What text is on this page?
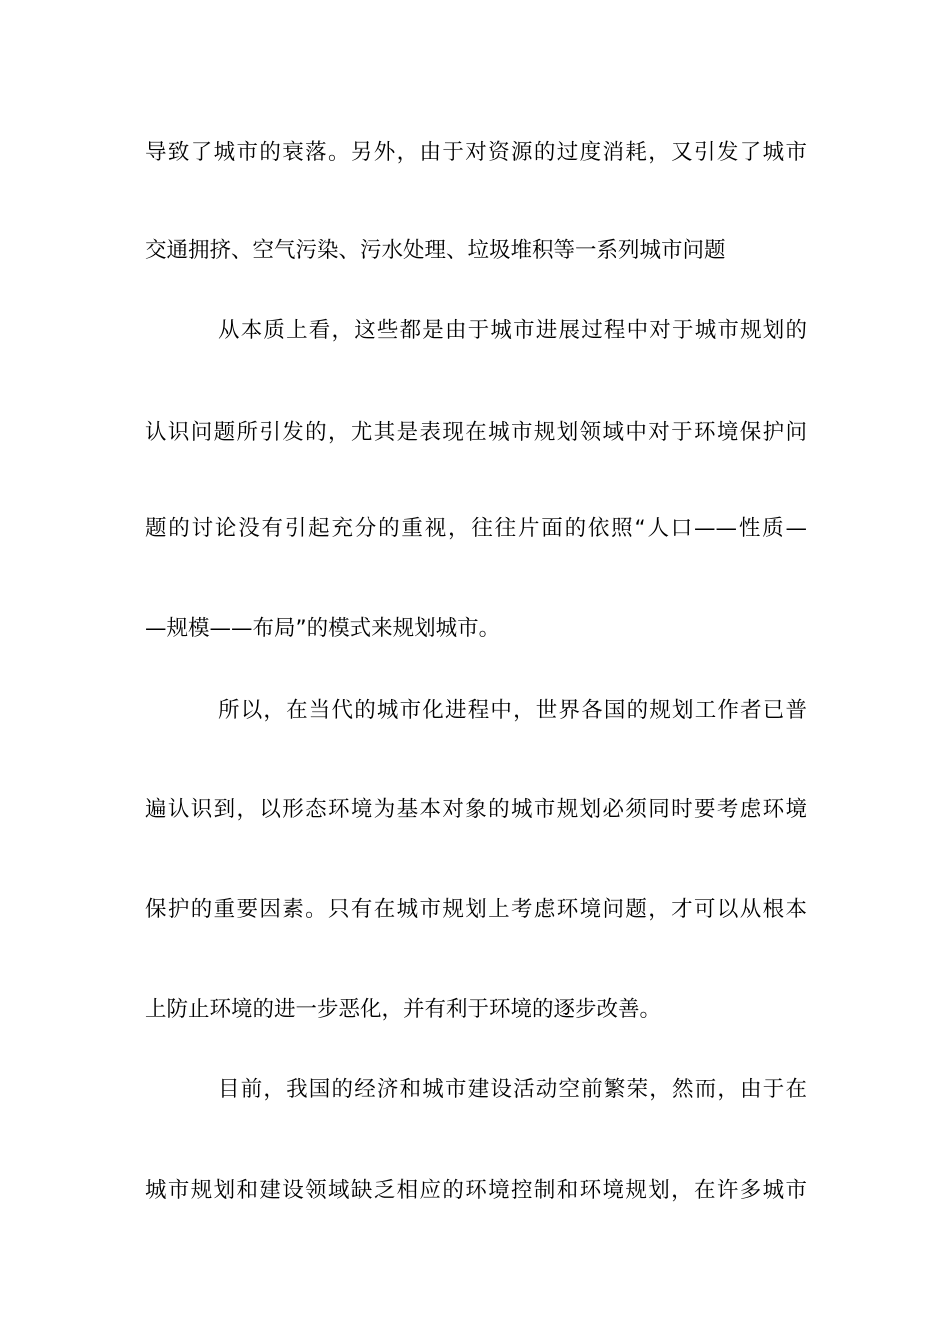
导致了城市的衰落。另外，由于对资源的过度消耗，又引发了城市
交通拥挤、空气污染、污水处理、垃圾堆积等一系列城市问题
从本质上看，这些都是由于城市进展过程中对于城市规划的
认识问题所引发的，尤其是表现在城市规划领域中对于环境保护问
题的讨论没有引起充分的重视，往往片面的依照“人口——性质—
—规模——布局”的模式来规划城市。
所以，在当代的城市化进程中，世界各国的规划工作者已普
遍认识到，以形态环境为基本对象的城市规划必须同时要考虑环境
保护的重要因素。只有在城市规划上考虑环境问题，才可以从根本
上防止环境的进一步恶化，并有利于环境的逐步改善。
目前，我国的经济和城市建设活动空前繁荣，然而，由于在
城市规划和建设领域缺乏相应的环境控制和环境规划，在许多城市
